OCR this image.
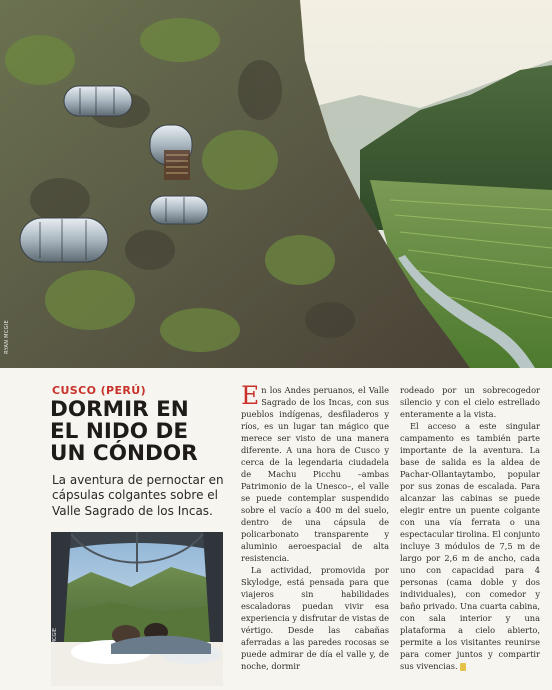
RYAN MCGIE
CUSCO (PERÚ)
DORMIR EN
EL NIDO DE
UN CÓNDOR
La aventura de pernoctar en cápsulas colgantes sobre el Valle Sagrado de los Incas.
RYAN MCGIE

En los Andes peruanos, el Valle Sagrado de los Incas, con sus pueblos indígenas, desfiladeros y ríos, es un lugar tan mágico que merece ser visto de una manera diferente. A una hora de Cusco y cerca de la legendaria ciudadela de Machu Picchu –ambas Patrimonio de la Unesco–, el valle se puede contemplar suspendido sobre el vacío a 400 m del suelo, dentro de una cápsula de policarbonato transparente y aluminio aeroespacial de alta resistencia.

La actividad, promovida por Skylodge, está pensada para que viajeros sin habilidades escaladoras puedan vivir esa experiencia y disfrutar de vistas de vértigo. Desde las cabañas aferradas a las paredes rocosas se puede admirar de día el valle y, de noche, dormir

rodeado por un sobrecogedor silencio y con el cielo estrellado enteramente a la vista.

El acceso a este singular campamento es también parte importante de la aventura. La base de salida es la aldea de Pachar-Ollantaytambo, popular por sus zonas de escalada. Para alcanzar las cabinas se puede elegir entre un puente colgante con una vía ferrata o una espectacular tirolina. El conjunto incluye 3 módulos de 7,5 m de largo por 2,6 m de ancho, cada uno con capacidad para 4 personas (cama doble y dos individuales), con comedor y baño privado. Una cuarta cabina, con sala interior y una plataforma a cielo abierto, permite a los visitantes reunirse para comer juntos y compartir sus vivencias.
